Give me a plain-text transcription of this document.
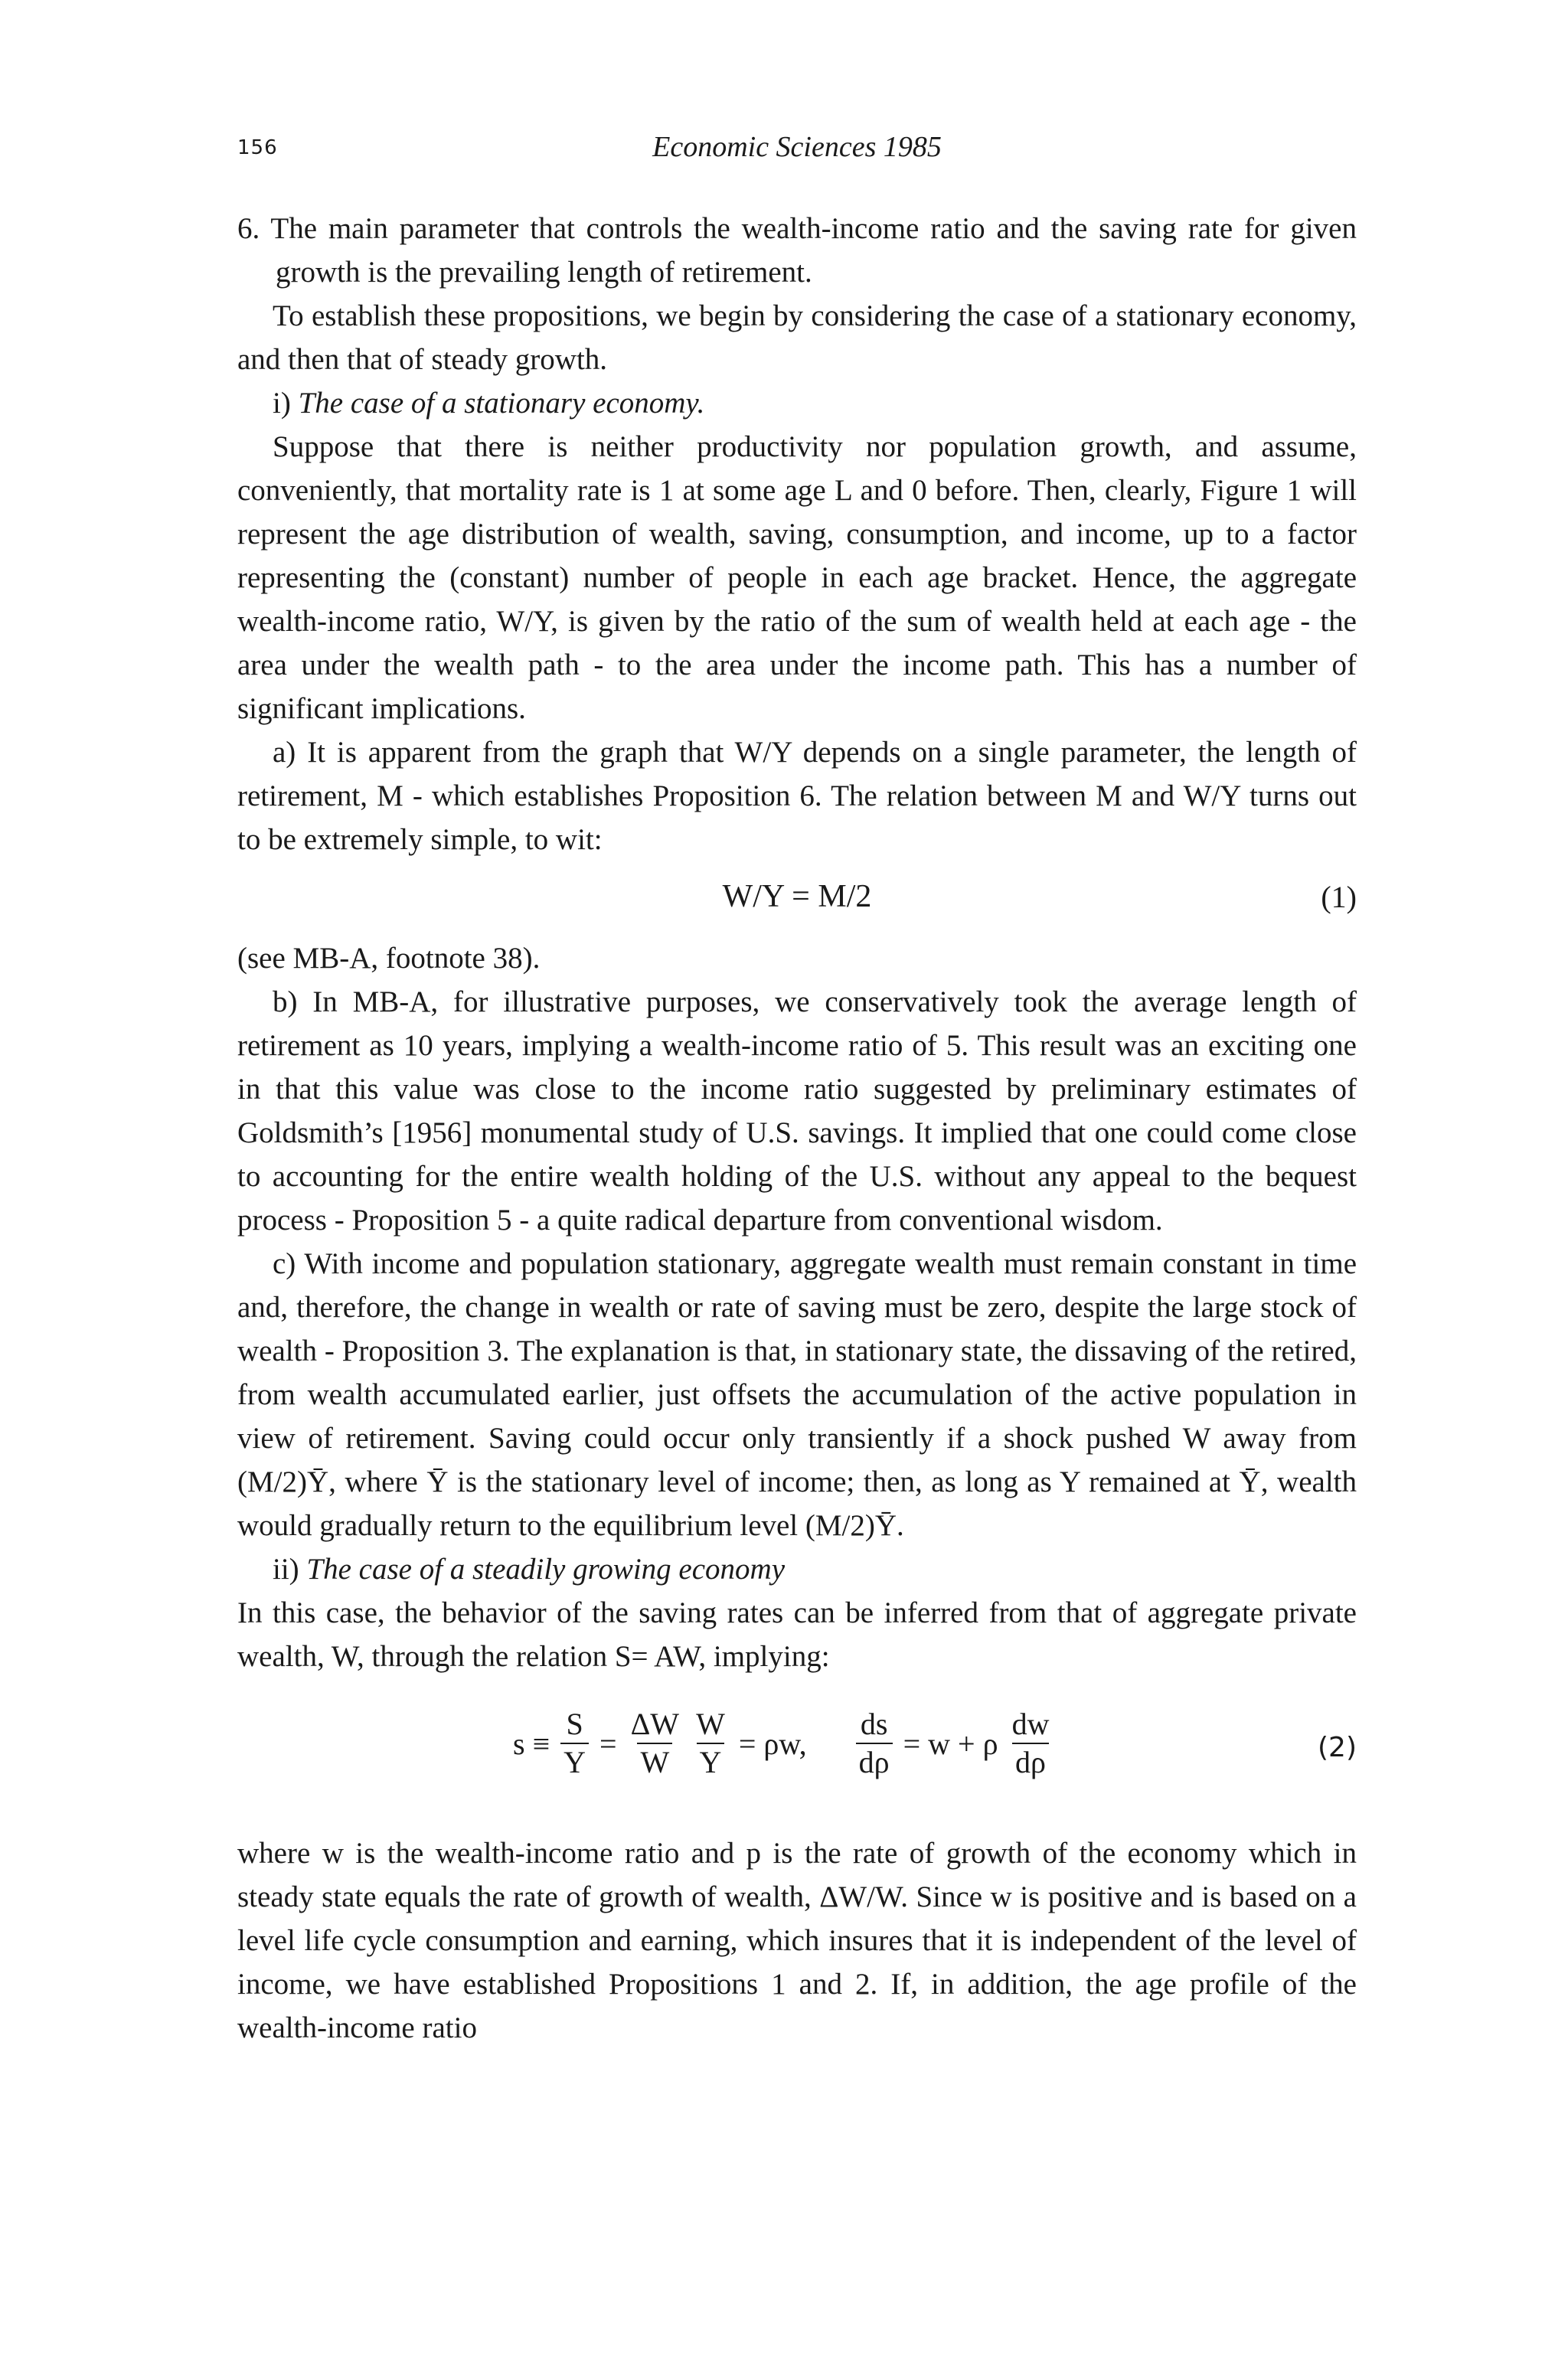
156	Economic Sciences 1985

6. The main parameter that controls the wealth-income ratio and the saving rate for given growth is the prevailing length of retirement.

To establish these propositions, we begin by considering the case of a stationary economy, and then that of steady growth.

i) The case of a stationary economy.

Suppose that there is neither productivity nor population growth, and assume, conveniently, that mortality rate is 1 at some age L and 0 before. Then, clearly, Figure 1 will represent the age distribution of wealth, saving, consumption, and income, up to a factor representing the (constant) number of people in each age bracket. Hence, the aggregate wealth-income ratio, W/Y, is given by the ratio of the sum of wealth held at each age - the area under the wealth path - to the area under the income path. This has a number of significant implications.

a) It is apparent from the graph that W/Y depends on a single parameter, the length of retirement, M - which establishes Proposition 6. The relation between M and W/Y turns out to be extremely simple, to wit:

W/Y = M/2	(1)

(see MB-A, footnote 38).

b) In MB-A, for illustrative purposes, we conservatively took the average length of retirement as 10 years, implying a wealth-income ratio of 5. This result was an exciting one in that this value was close to the income ratio suggested by preliminary estimates of Goldsmith’s [1956] monumental study of U.S. savings. It implied that one could come close to accounting for the entire wealth holding of the U.S. without any appeal to the bequest process - Proposition 5 - a quite radical departure from conventional wisdom.

c) With income and population stationary, aggregate wealth must remain constant in time and, therefore, the change in wealth or rate of saving must be zero, despite the large stock of wealth - Proposition 3. The explanation is that, in stationary state, the dissaving of the retired, from wealth accumulated earlier, just offsets the accumulation of the active population in view of retirement. Saving could occur only transiently if a shock pushed W away from (M/2)Ȳ, where Ȳ is the stationary level of income; then, as long as Y remained at Ȳ, wealth would gradually return to the equilibrium level (M/2)Ȳ.

ii) The case of a steadily growing economy

In this case, the behavior of the saving rates can be inferred from that of aggregate private wealth, W, through the relation S= AW, implying:

$s \equiv \frac{S}{Y} = \frac{\Delta W}{W} \frac{W}{Y} = \rho w$, $\frac{ds}{d\rho} = w + \rho \frac{dw}{d\rho}$	(2)

where w is the wealth-income ratio and p is the rate of growth of the economy which in steady state equals the rate of growth of wealth, ΔW/W. Since w is positive and is based on a level life cycle consumption and earning, which insures that it is independent of the level of income, we have established Propositions 1 and 2. If, in addition, the age profile of the wealth-income ratio
